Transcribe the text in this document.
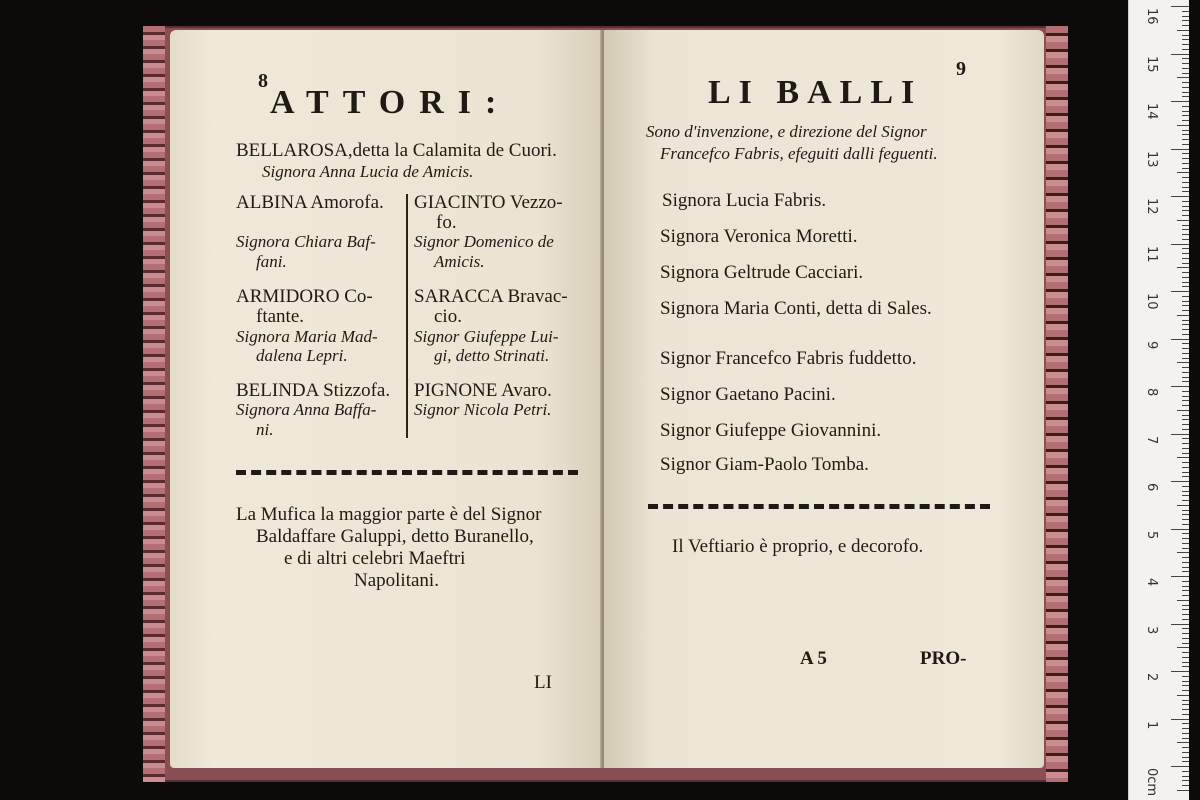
8
ATTORI:
BELLAROSA,detta la Calamita de Cuori.
Signora Anna Lucia de Amicis.
ALBINA Amorofa.
Signora Chiara Baf-
fani.
ARMIDORO Co-
ftante.
Signora Maria Mad-
dalena Lepri.
BELINDA Stizzofa.
Signora Anna Baffa-
ni.
GIACINTO Vezzo-
fo.
Signor Domenico de
Amicis.
SARACCA Bravac-
cio.
Signor Giufeppe Lui-
gi, detto Strinati.
PIGNONE Avaro.
Signor Nicola Petri.
La Mufica la maggior parte è del Signor
Baldaffare Galuppi, detto Buranello,
e di altri celebri Maeftri
Napolitani.
LI
9
LI BALLI
Sono d'invenzione, e direzione del Signor
Francefco Fabris, efeguiti dalli feguenti.
Signora Lucia Fabris.
Signora Veronica Moretti.
Signora Geltrude Cacciari.
Signora Maria Conti, detta di Sales.
Signor Francefco Fabris fuddetto.
Signor Gaetano Pacini.
Signor Giufeppe Giovannini.
Signor Giam-Paolo Tomba.
Il Veftiario è proprio, e decorofo.
A 5	PRO-
16
15
14
13
12
11
10
9
8
7
6
5
4
3
2
1
0cm
